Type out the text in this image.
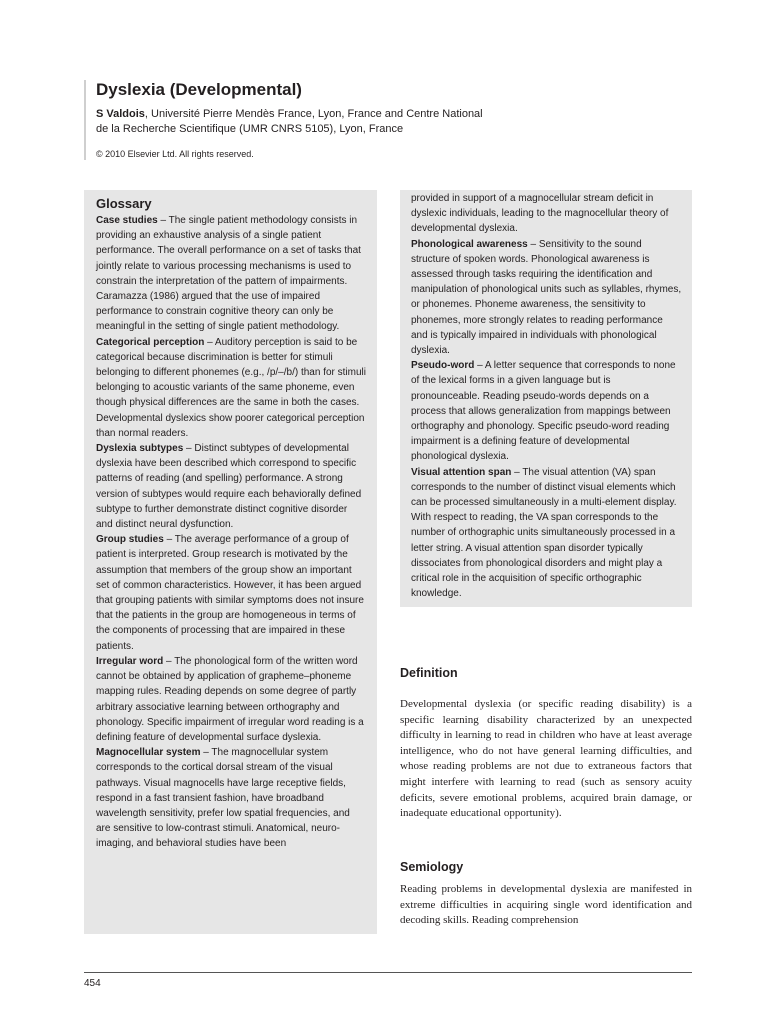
Dyslexia (Developmental)

S Valdois, Université Pierre Mendès France, Lyon, France and Centre National
de la Recherche Scientifique (UMR CNRS 5105), Lyon, France

© 2010 Elsevier Ltd. All rights reserved.

Glossary

Case studies – The single patient methodology consists in providing an exhaustive analysis of a single patient performance. The overall performance on a set of tasks that jointly relate to various processing mechanisms is used to constrain the interpretation of the pattern of impairments. Caramazza (1986) argued that the use of impaired performance to constrain cognitive theory can only be meaningful in the setting of single patient methodology.

Categorical perception – Auditory perception is said to be categorical because discrimination is better for stimuli belonging to different phonemes (e.g., /p/–/b/) than for stimuli belonging to acoustic variants of the same phoneme, even though physical differences are the same in both the cases. Developmental dyslexics show poorer categorical perception than normal readers.

Dyslexia subtypes – Distinct subtypes of developmental dyslexia have been described which correspond to specific patterns of reading (and spelling) performance. A strong version of subtypes would require each behaviorally defined subtype to further demonstrate distinct cognitive disorder and distinct neural dysfunction.

Group studies – The average performance of a group of patient is interpreted. Group research is motivated by the assumption that members of the group show an important set of common characteristics. However, it has been argued that grouping patients with similar symptoms does not insure that the patients in the group are homogeneous in terms of the components of processing that are impaired in these patients.

Irregular word – The phonological form of the written word cannot be obtained by application of grapheme–phoneme mapping rules. Reading depends on some degree of partly arbitrary associative learning between orthography and phonology. Specific impairment of irregular word reading is a defining feature of developmental surface dyslexia.

Magnocellular system – The magnocellular system corresponds to the cortical dorsal stream of the visual pathways. Visual magnocells have large receptive fields, respond in a fast transient fashion, have broadband wavelength sensitivity, prefer low spatial frequencies, and are sensitive to low-contrast stimuli. Anatomical, neuro-imaging, and behavioral studies have been

provided in support of a magnocellular stream deficit in dyslexic individuals, leading to the magnocellular theory of developmental dyslexia.

Phonological awareness – Sensitivity to the sound structure of spoken words. Phonological awareness is assessed through tasks requiring the identification and manipulation of phonological units such as syllables, rhymes, or phonemes. Phoneme awareness, the sensitivity to phonemes, more strongly relates to reading performance and is typically impaired in individuals with phonological dyslexia.

Pseudo-word – A letter sequence that corresponds to none of the lexical forms in a given language but is pronounceable. Reading pseudo-words depends on a process that allows generalization from mappings between orthography and phonology. Specific pseudo-word reading impairment is a defining feature of developmental phonological dyslexia.

Visual attention span – The visual attention (VA) span corresponds to the number of distinct visual elements which can be processed simultaneously in a multi-element display. With respect to reading, the VA span corresponds to the number of orthographic units simultaneously processed in a letter string. A visual attention span disorder typically dissociates from phonological disorders and might play a critical role in the acquisition of specific orthographic knowledge.

Definition

Developmental dyslexia (or specific reading disability) is a specific learning disability characterized by an unexpected difficulty in learning to read in children who have at least average intelligence, who do not have general learning difficulties, and whose reading problems are not due to extraneous factors that might interfere with learning to read (such as sensory acuity deficits, severe emotional problems, acquired brain damage, or inadequate educational opportunity).

Semiology

Reading problems in developmental dyslexia are manifested in extreme difficulties in acquiring single word identification and decoding skills. Reading comprehension

454
